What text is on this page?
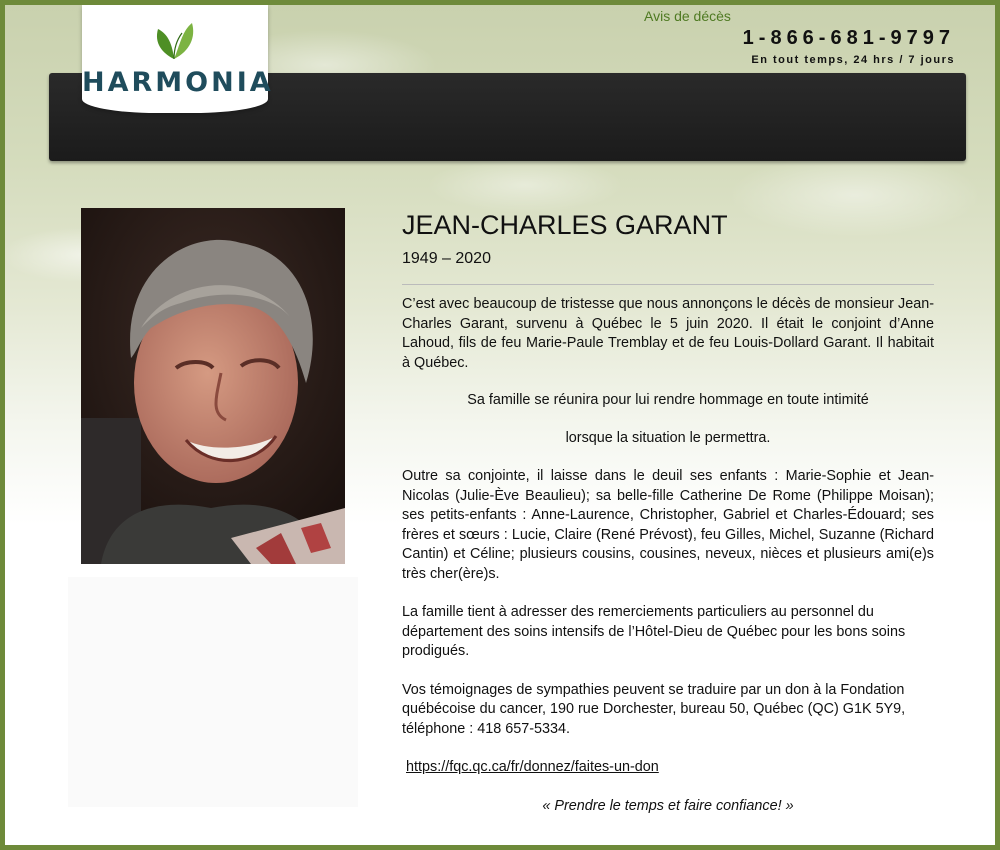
HARMONIA
Avis de décès
1-866-681-9797
En tout temps, 24 hrs / 7 jours
JEAN-CHARLES GARANT
1949 – 2020

C’est avec beaucoup de tristesse que nous annonçons le décès de monsieur Jean-Charles Garant, survenu à Québec le 5 juin 2020. Il était le conjoint d’Anne Lahoud, fils de feu Marie-Paule Tremblay et de feu Louis-Dollard Garant. Il habitait à Québec.

Sa famille se réunira pour lui rendre hommage en toute intimité

lorsque la situation le permettra.

Outre sa conjointe, il laisse dans le deuil ses enfants : Marie-Sophie et Jean-Nicolas (Julie-Ève Beaulieu); sa belle-fille Catherine De Rome (Philippe Moisan); ses petits-enfants : Anne-Laurence, Christopher, Gabriel et Charles-Édouard; ses frères et sœurs : Lucie, Claire (René Prévost), feu Gilles, Michel, Suzanne (Richard Cantin) et Céline; plusieurs cousins, cousines, neveux, nièces et plusieurs ami(e)s très cher(ère)s.

La famille tient à adresser des remerciements particuliers au personnel du département des soins intensifs de l’Hôtel-Dieu de Québec pour les bons soins prodigués.

Vos témoignages de sympathies peuvent se traduire par un don à la Fondation québécoise du cancer, 190 rue Dorchester, bureau 50, Québec (QC) G1K 5Y9, téléphone : 418 657-5334.

https://fqc.qc.ca/fr/donnez/faites-un-don

« Prendre le temps et faire confiance! »
